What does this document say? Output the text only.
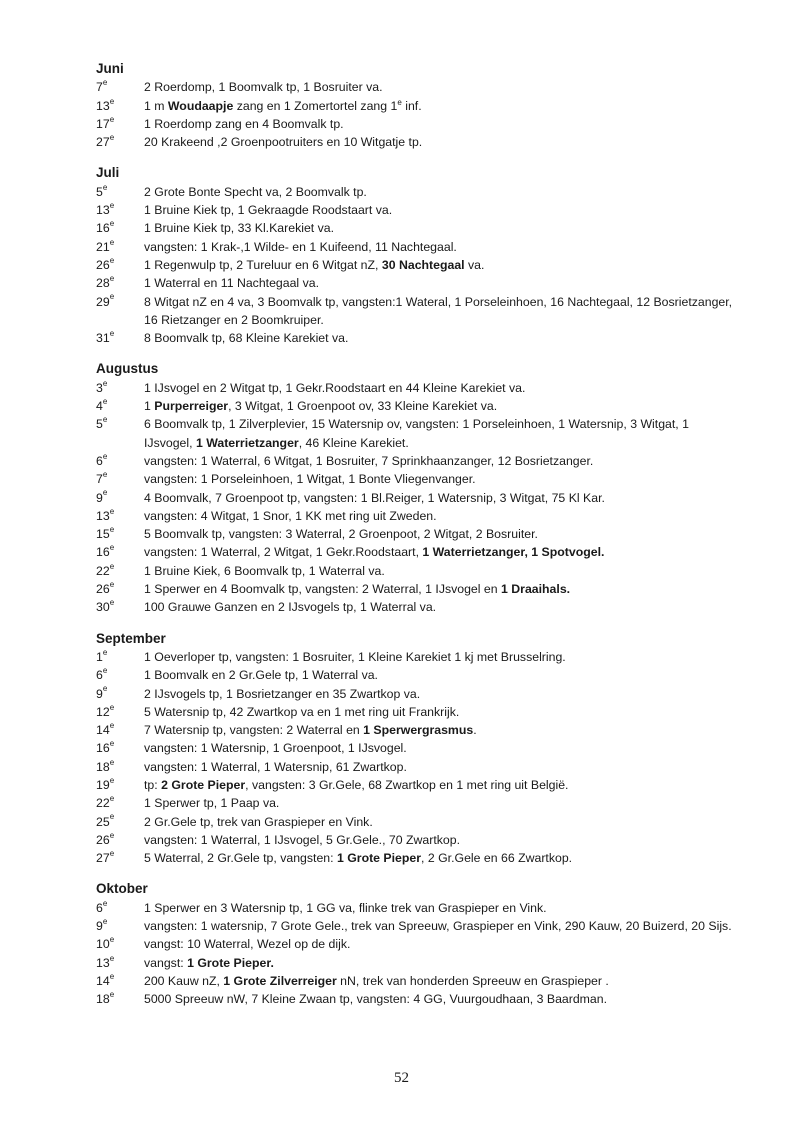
Juni
7e	2 Roerdomp, 1 Boomvalk tp, 1 Bosruiter va.
13e	1 m Woudaapje zang en 1 Zomertortel zang 1e inf.
17e	1 Roerdomp zang en 4 Boomvalk tp.
27e	20 Krakeend ,2 Groenpootruiters en 10 Witgatje tp.
Juli
5e	2 Grote Bonte Specht va, 2 Boomvalk tp.
13e	1 Bruine Kiek tp, 1 Gekraagde Roodstaart va.
16e	1 Bruine Kiek tp, 33 Kl.Karekiet va.
21e	vangsten: 1 Krak-,1 Wilde- en 1 Kuifeend, 11 Nachtegaal.
26e	1 Regenwulp tp, 2 Tureluur en 6 Witgat nZ, 30 Nachtegaal va.
28e	1 Waterral en 11 Nachtegaal va.
29e	8 Witgat nZ en 4 va, 3 Boomvalk tp, vangsten:1 Wateral, 1 Porseleinhoen, 16 Nachtegaal, 12 Bosrietzanger, 16 Rietzanger en 2 Boomkruiper.
31e	8 Boomvalk tp, 68 Kleine Karekiet va.
Augustus
3e	1 IJsvogel en 2 Witgat tp, 1 Gekr.Roodstaart en 44 Kleine Karekiet va.
4e	1 Purperreiger, 3 Witgat, 1 Groenpoot ov, 33 Kleine Karekiet va.
5e	6 Boomvalk tp, 1 Zilverplevier, 15 Watersnip ov, vangsten: 1 Porseleinhoen, 1 Watersnip, 3 Witgat, 1 IJsvogel, 1 Waterrietzanger, 46 Kleine Karekiet.
6e	vangsten: 1 Waterral, 6 Witgat, 1 Bosruiter, 7 Sprinkhaanzanger, 12 Bosrietzanger.
7e	vangsten: 1 Porseleinhoen, 1 Witgat, 1 Bonte Vliegenvanger.
9e	4 Boomvalk, 7 Groenpoot tp, vangsten: 1 Bl.Reiger, 1 Watersnip, 3 Witgat, 75 Kl Kar.
13e	vangsten: 4 Witgat, 1 Snor, 1 KK met ring uit Zweden.
15e	5 Boomvalk tp, vangsten: 3 Waterral, 2 Groenpoot, 2 Witgat, 2 Bosruiter.
16e	vangsten: 1 Waterral, 2 Witgat, 1 Gekr.Roodstaart, 1 Waterrietzanger, 1 Spotvogel.
22e	1 Bruine Kiek, 6 Boomvalk tp, 1 Waterral va.
26e	1 Sperwer en 4 Boomvalk tp, vangsten: 2 Waterral, 1 IJsvogel en 1 Draaihals.
30e	100 Grauwe Ganzen en 2 IJsvogels tp, 1 Waterral va.
September
1e	1 Oeverloper tp, vangsten: 1 Bosruiter, 1 Kleine Karekiet 1 kj met Brusselring.
6e	1 Boomvalk en 2 Gr.Gele tp, 1 Waterral va.
9e	2 IJsvogels tp, 1 Bosrietzanger en 35 Zwartkop va.
12e	5 Watersnip tp, 42 Zwartkop va en 1 met ring uit Frankrijk.
14e	7 Watersnip tp, vangsten: 2 Waterral en 1 Sperwergrasmus.
16e	vangsten: 1 Watersnip, 1 Groenpoot, 1 IJsvogel.
18e	vangsten: 1 Waterral, 1 Watersnip, 61 Zwartkop.
19e	tp: 2 Grote Pieper, vangsten: 3 Gr.Gele, 68 Zwartkop en 1 met ring uit België.
22e	1 Sperwer tp, 1 Paap va.
25e	2 Gr.Gele tp, trek van Graspieper en Vink.
26e	vangsten: 1 Waterral, 1 IJsvogel, 5 Gr.Gele., 70 Zwartkop.
27e	5 Waterral, 2 Gr.Gele tp, vangsten: 1 Grote Pieper, 2 Gr.Gele en 66 Zwartkop.
Oktober
6e	1 Sperwer en 3 Watersnip tp, 1 GG va, flinke trek van Graspieper en Vink.
9e	vangsten: 1 watersnip, 7 Grote Gele., trek van Spreeuw, Graspieper en Vink, 290 Kauw, 20 Buizerd, 20 Sijs.
10e	vangst: 10 Waterral, Wezel op de dijk.
13e	vangst: 1 Grote Pieper.
14e	200 Kauw nZ, 1 Grote Zilverreiger nN, trek van honderden Spreeuw en Graspieper .
18e	5000 Spreeuw nW, 7 Kleine Zwaan tp, vangsten: 4 GG, Vuurgoudhaan, 3 Baardman.
52
